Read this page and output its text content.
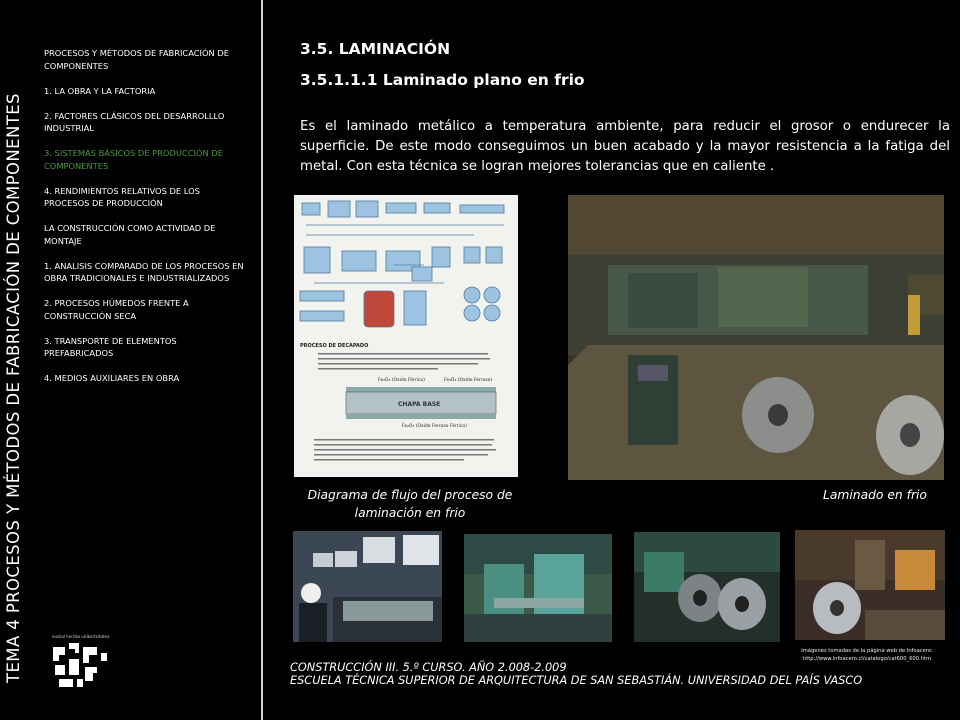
PROCESOS Y MÉTODOS DE FABRICACIÓN DE COMPONENTES
1. LA OBRA Y LA FACTORIA
2. FACTORES CLÁSICOS DEL DESARROLLLO INDUSTRIAL
3. SISTEMAS BÁSICOS DE PRODUCCIÓN DE COMPONENTES
4. RENDIMIENTOS RELATIVOS DE LOS PROCESOS DE PRODUCCIÓN
LA CONSTRUCCIÓN COMO ACTIVIDAD DE MONTAJE
1. ANALISIS COMPARADO DE LOS PROCESOS EN OBRA TRADICIONALES E INDUSTRIALIZADOS
2. PROCESOS HÚMEDOS FRENTE A CONSTRUCCIÓN SECA
3. TRANSPORTE DE ELEMENTOS PREFABRICADOS
4. MEDIOS AUXILIARES EN OBRA
TEMA 4 PROCESOS Y MÉTODOS DE FABRICACIÓN DE COMPONENTES	euskal herriko unibertsitatea
3.5. LAMINACIÓN
3.5.1.1.1 Laminado plano en frio
Es el laminado metálico a temperatura ambiente, para reducir el grosor o endurecer la superficie. De este modo conseguimos un buen acabado y la mayor resistencia a la fatiga del metal. Con esta técnica se logran mejores tolerancias que en caliente .
PROCESO DE DECAPADO
Fe₂O₃ (Oxido Férrico)	Fe₃O₄ (Oxido Ferroso)
CHAPA BASE
Fe₂O₃ (Oxido Ferroso Férrico)
Diagrama de flujo del proceso de laminación en frio
Laminado en frio
Imágenes tomadas de la página web de Infoacero:
http://www.infoacero.cl/catalogo/cat600_600.htm
CONSTRUCCIÓN III. 5.º CURSO. AÑO 2.008-2.009
ESCUELA TÉCNICA SUPERIOR DE ARQUITECTURA DE SAN SEBASTIÁN. UNIVERSIDAD DEL PAÍS VASCO
